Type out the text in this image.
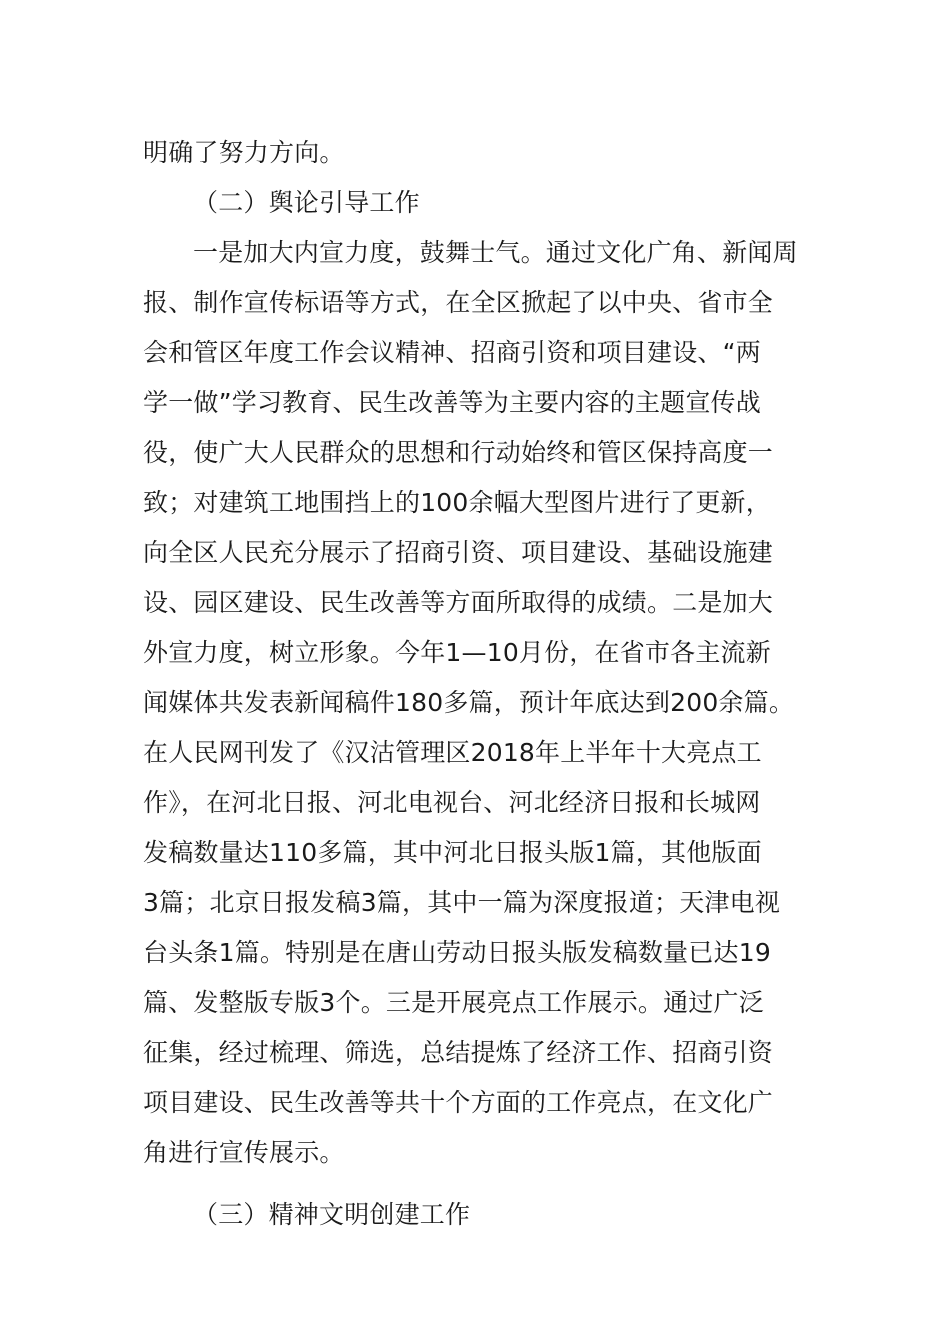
明确了努力方向。
（二）舆论引导工作
一是加大内宣力度，鼓舞士气。通过文化广角、新闻周
报、制作宣传标语等方式，在全区掀起了以中央、省市全
会和管区年度工作会议精神、招商引资和项目建设、“两
学一做”学习教育、民生改善等为主要内容的主题宣传战
役，使广大人民群众的思想和行动始终和管区保持高度一
致；对建筑工地围挡上的100余幅大型图片进行了更新，
向全区人民充分展示了招商引资、项目建设、基础设施建
设、园区建设、民生改善等方面所取得的成绩。二是加大
外宣力度，树立形象。今年1—10月份，在省市各主流新
闻媒体共发表新闻稿件180多篇，预计年底达到200余篇。
在人民网刊发了《汉沽管理区2018年上半年十大亮点工
作》，在河北日报、河北电视台、河北经济日报和长城网
发稿数量达110多篇，其中河北日报头版1篇，其他版面
3篇；北京日报发稿3篇，其中一篇为深度报道；天津电视
台头条1篇。特别是在唐山劳动日报头版发稿数量已达19
篇、发整版专版3个。三是开展亮点工作展示。通过广泛
征集，经过梳理、筛选，总结提炼了经济工作、招商引资
项目建设、民生改善等共十个方面的工作亮点，在文化广
角进行宣传展示。
（三）精神文明创建工作
